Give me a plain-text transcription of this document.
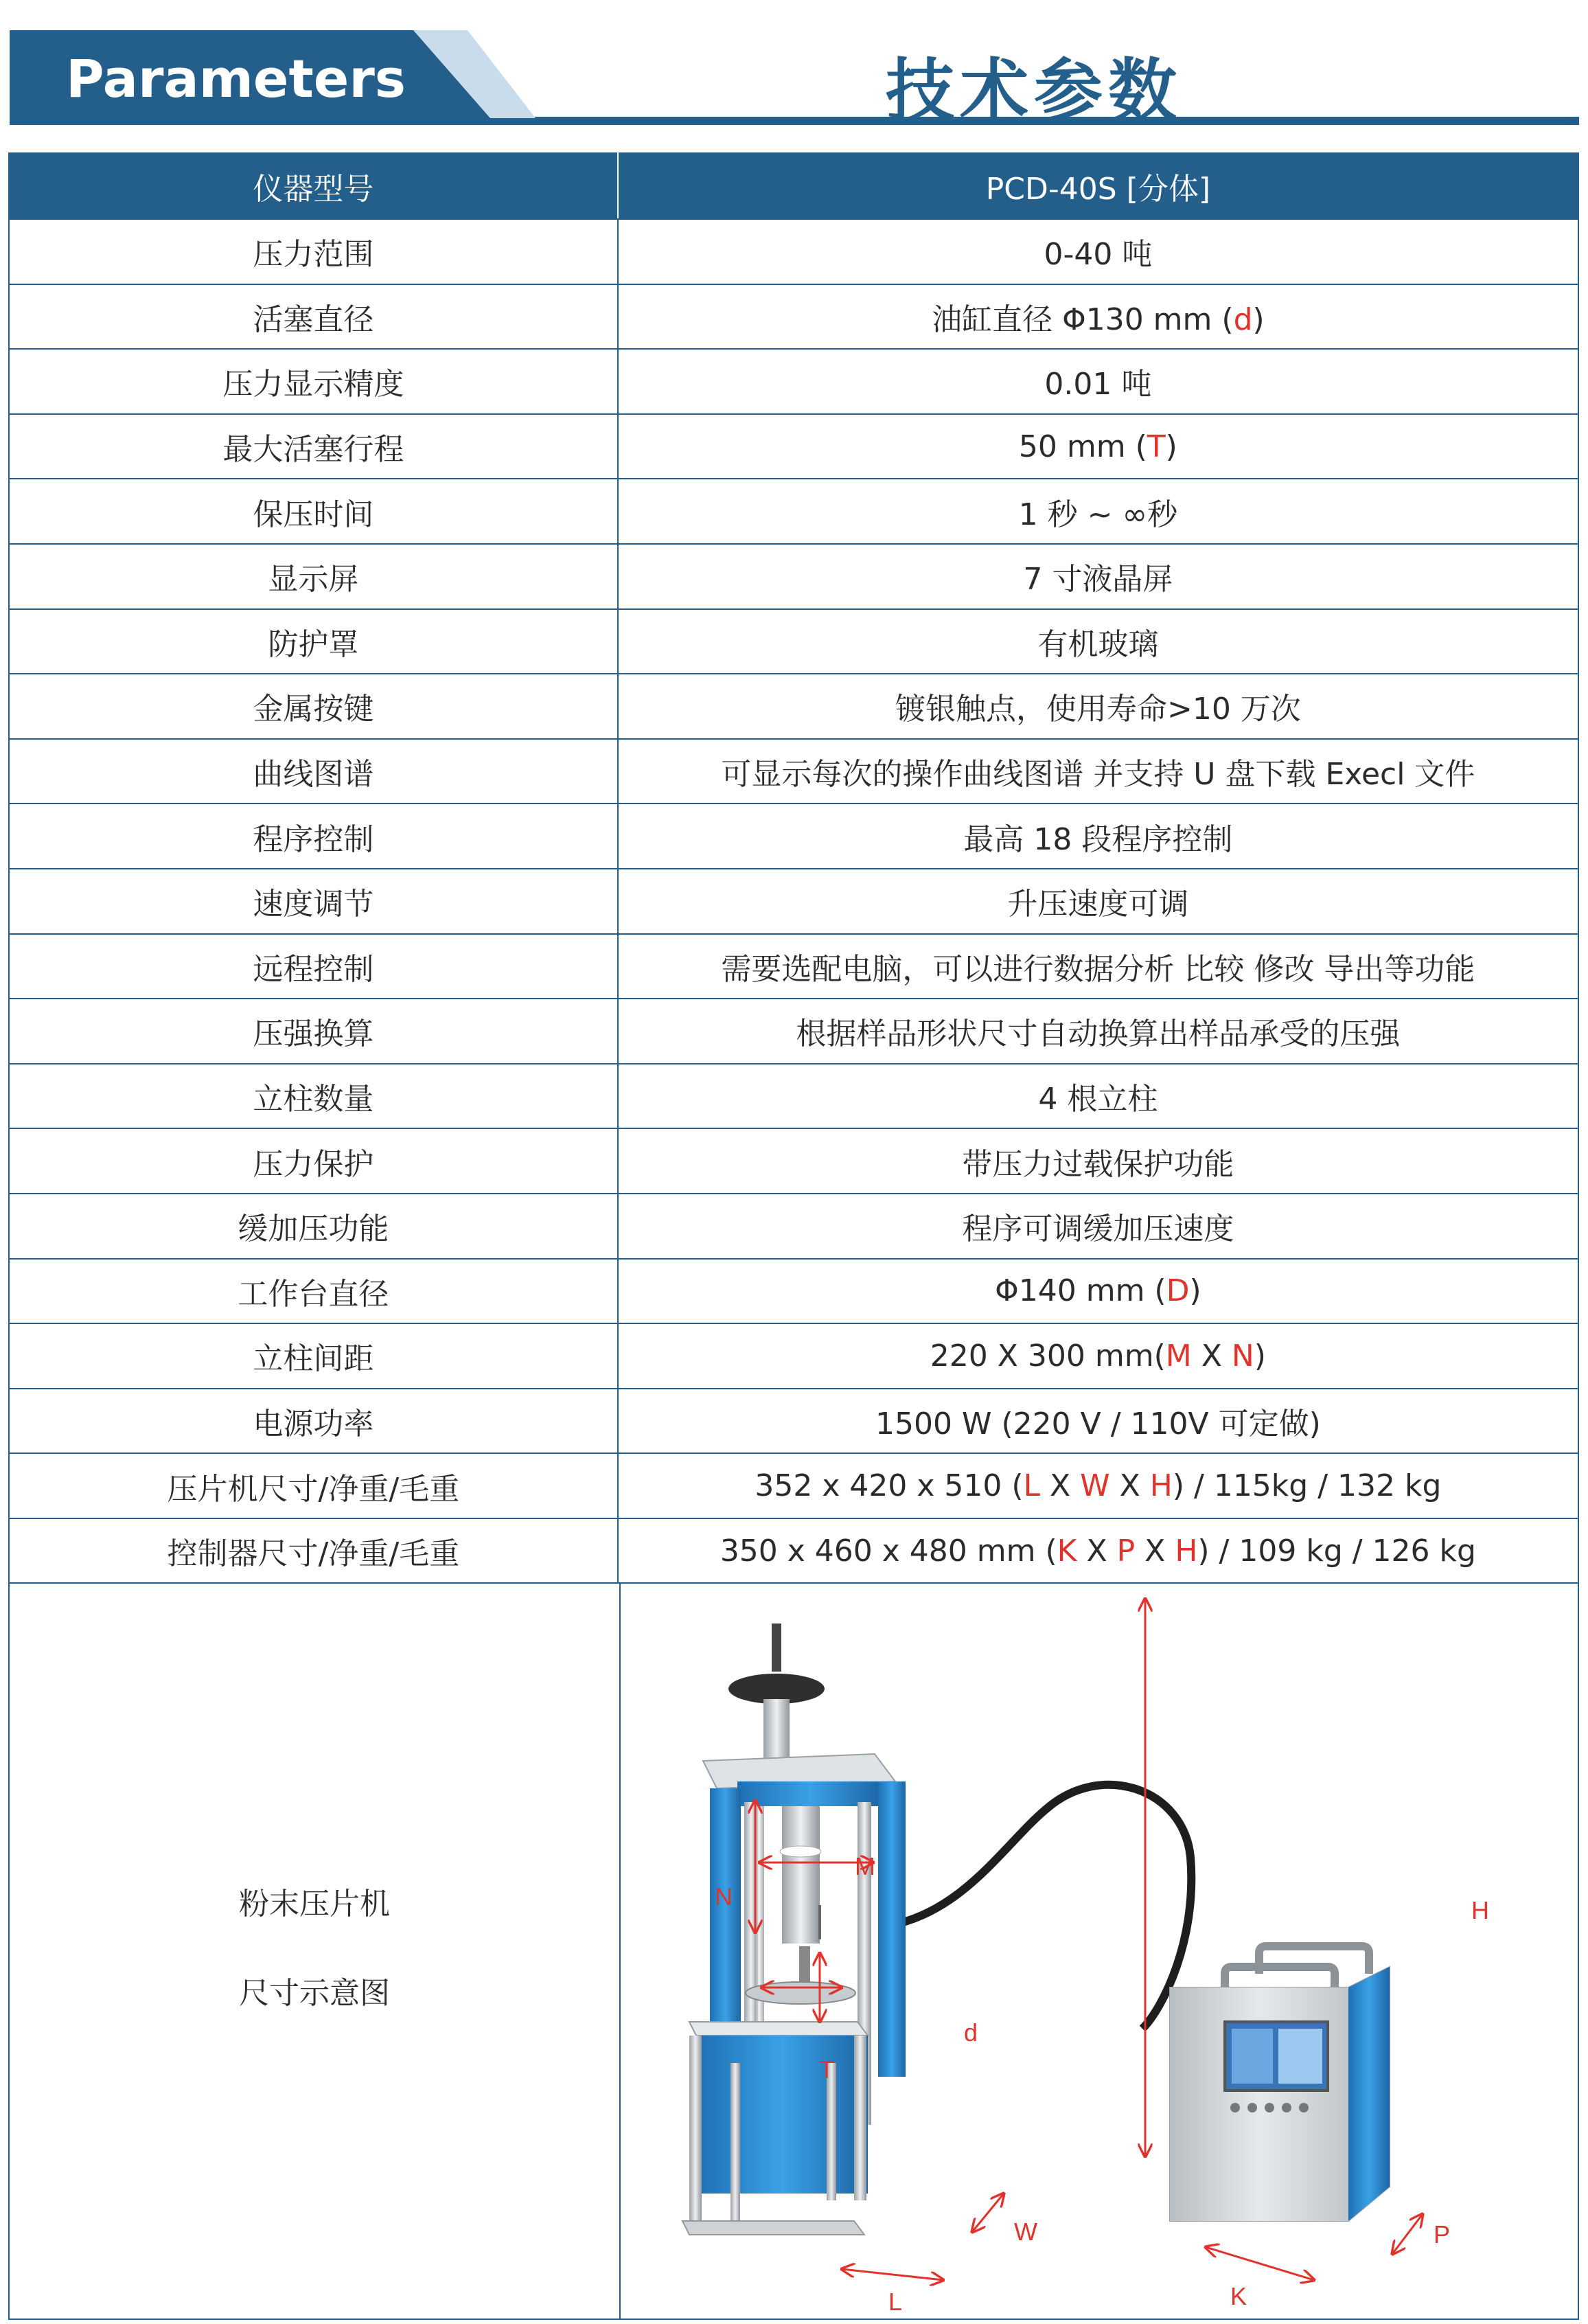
Parameters	技术参数
仪器型号	PCD-40S [分体]
压力范围	0-40 吨
活塞直径	油缸直径 Φ130 mm (d)
压力显示精度	0.01 吨
最大活塞行程	50 mm (T)
保压时间	1 秒 ~ ∞秒
显示屏	7 寸液晶屏
防护罩	有机玻璃
金属按键	镀银触点，使用寿命>10 万次
曲线图谱	可显示每次的操作曲线图谱 并支持 U 盘下载 Execl 文件
程序控制	最高 18 段程序控制
速度调节	升压速度可调
远程控制	需要选配电脑，可以进行数据分析 比较 修改 导出等功能
压强换算	根据样品形状尺寸自动换算出样品承受的压强
立柱数量	4 根立柱
压力保护	带压力过载保护功能
缓加压功能	程序可调缓加压速度
工作台直径	Φ140 mm (D)
立柱间距	220 X 300 mm(M X N)
电源功率	1500 W (220 V / 110V 可定做)
压片机尺寸/净重/毛重	352 x 420 x 510 (L X W X H) / 115kg / 132 kg
控制器尺寸/净重/毛重	350 x 460 x 480 mm (K X P X H) / 109 kg / 126 kg
粉末压片机
尺寸示意图
M
N
d
T
L
W
H
K
P
